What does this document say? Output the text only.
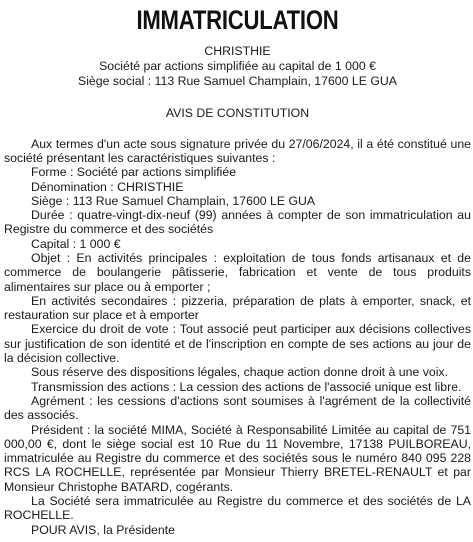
IMMATRICULATION
CHRISTHIE
Société par actions simplifiée au capital de 1 000 €
Siège social : 113 Rue Samuel Champlain, 17600 LE GUA
AVIS DE CONSTITUTION

Aux termes d'un acte sous signature privée du 27/06/2024, il a été constitué une société présentant les caractéristiques suivantes :

Forme : Société par actions simplifiée

Dénomination : CHRISTHIE

Siège : 113 Rue Samuel Champlain, 17600 LE GUA

Durée : quatre-vingt-dix-neuf (99) années à compter de son immatriculation au Registre du commerce et des sociétés

Capital : 1 000 €

Objet : En activités principales : exploitation de tous fonds artisanaux et de commerce de boulangerie pâtisserie, fabrication et vente de tous produits alimentaires sur place ou à emporter ;

En activités secondaires : pizzeria, préparation de plats à emporter, snack, et restauration sur place et à emporter

Exercice du droit de vote : Tout associé peut participer aux décisions collectives sur justification de son identité et de l'inscription en compte de ses actions au jour de la décision collective.

Sous réserve des dispositions légales, chaque action donne droit à une voix.

Transmission des actions : La cession des actions de l'associé unique est libre.

Agrément : les cessions d'actions sont soumises à l'agrément de la collectivité des associés.

Président : la société MIMA, Société à Responsabilité Limitée au capital de 751 000,00 €, dont le siège social est 10 Rue du 11 Novembre, 17138 PUILBOREAU, immatriculée au Registre du commerce et des sociétés sous le numéro 840 095 228 RCS LA ROCHELLE, représentée par Monsieur Thierry BRETEL-RENAULT et par Monsieur Christophe BATARD, cogérants.

La Société sera immatriculée au Registre du commerce et des sociétés de LA ROCHELLE.

POUR AVIS, la Présidente
